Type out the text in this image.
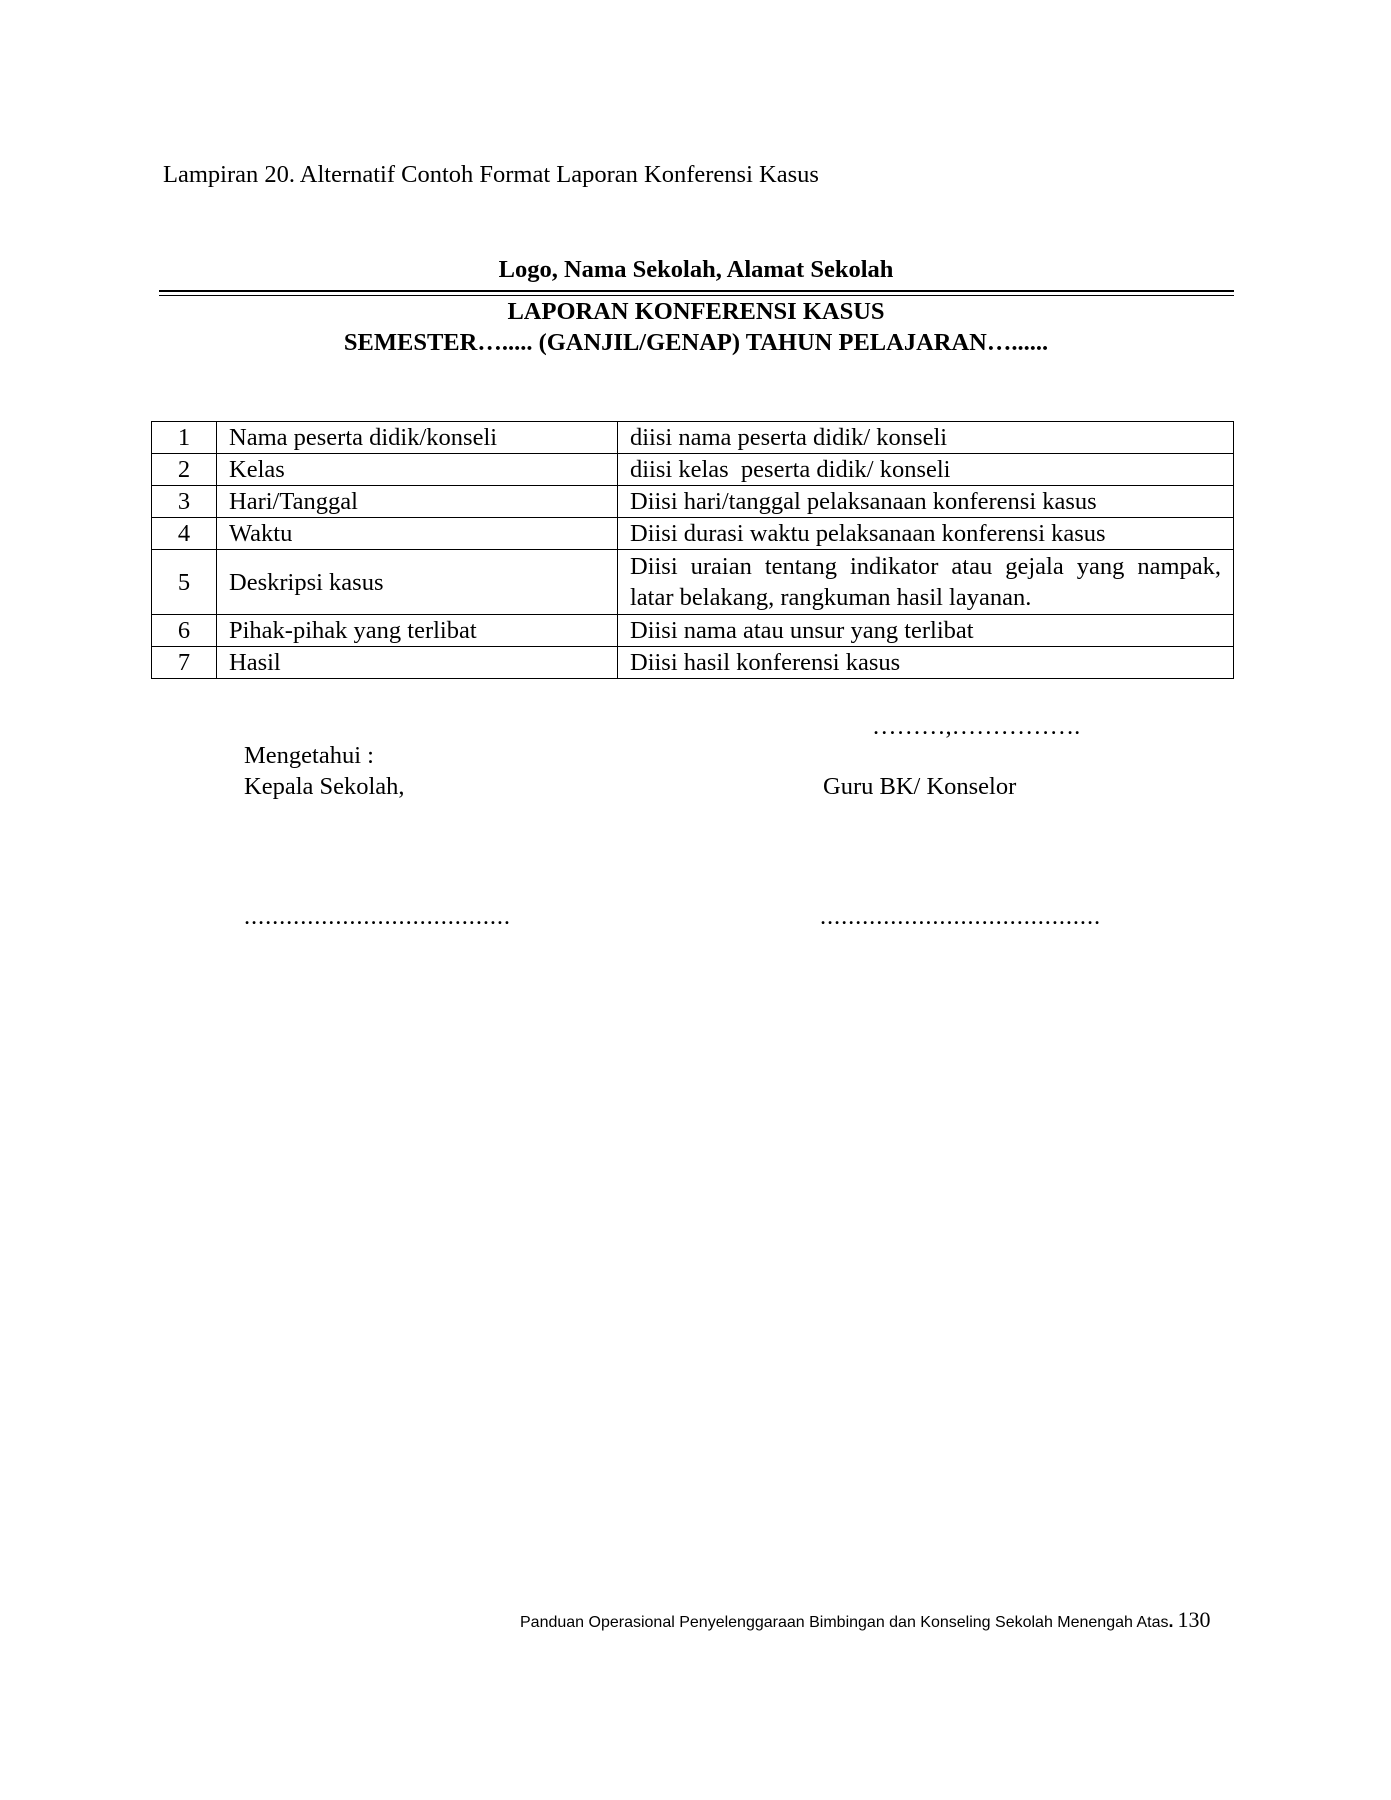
Lampiran 20. Alternatif Contoh Format Laporan Konferensi Kasus
Logo, Nama Sekolah, Alamat Sekolah
LAPORAN KONFERENSI KASUS
SEMESTER…..... (GANJIL/GENAP) TAHUN PELAJARAN…......
1	Nama peserta didik/konseli	diisi nama peserta didik/ konseli
2	Kelas	diisi kelas  peserta didik/ konseli
3	Hari/Tanggal	Diisi hari/tanggal pelaksanaan konferensi kasus
4	Waktu	Diisi durasi waktu pelaksanaan konferensi kasus
5	Deskripsi kasus	Diisi uraian tentang indikator atau gejala yang nampak, latar belakang, rangkuman hasil layanan.
6	Pihak-pihak yang terlibat	Diisi nama atau unsur yang terlibat
7	Hasil	Diisi hasil konferensi kasus
………,…………….
Mengetahui :
Kepala Sekolah,	Guru BK/ Konselor
......................................	........................................
Panduan Operasional Penyelenggaraan Bimbingan dan Konseling Sekolah Menengah Atas. 130
